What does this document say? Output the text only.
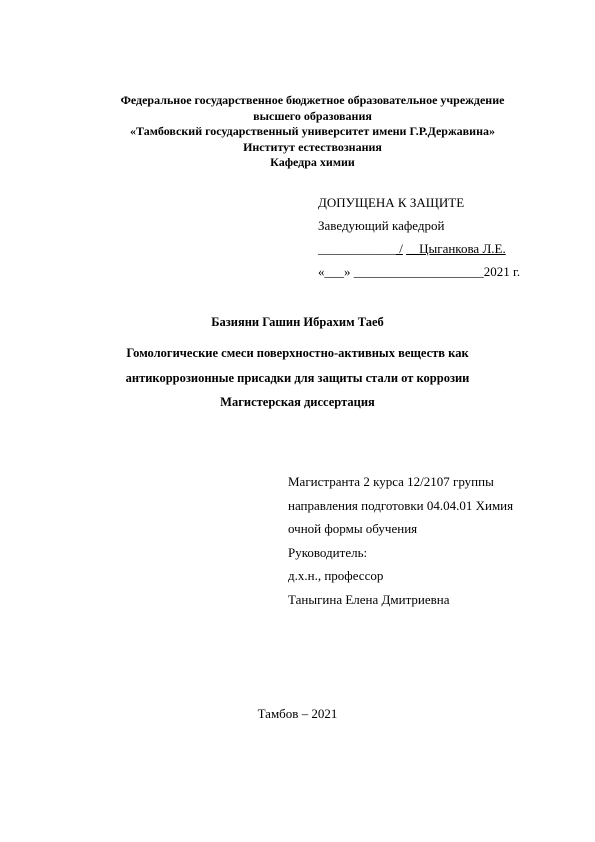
Федеральное государственное бюджетное образовательное учреждение
высшего образования
«Тамбовский государственный университет имени Г.Р.Державина»
Институт естествознания
Кафедра химии
ДОПУЩЕНА К ЗАЩИТЕ
Заведующий кафедрой
____________ / __Цыганкова Л.Е.
«___» ____________________2021 г.
Базияни Гашин Ибрахим Таеб
Гомологические смеси поверхностно-активных веществ как
антикоррозионные присадки для защиты стали от коррозии
Магистерская диссертация
Магистранта 2 курса 12/2107 группы
направления подготовки 04.04.01 Химия
очной формы обучения
Руководитель:
д.х.н., профессор
Таныгина Елена Дмитриевна
Тамбов – 2021
